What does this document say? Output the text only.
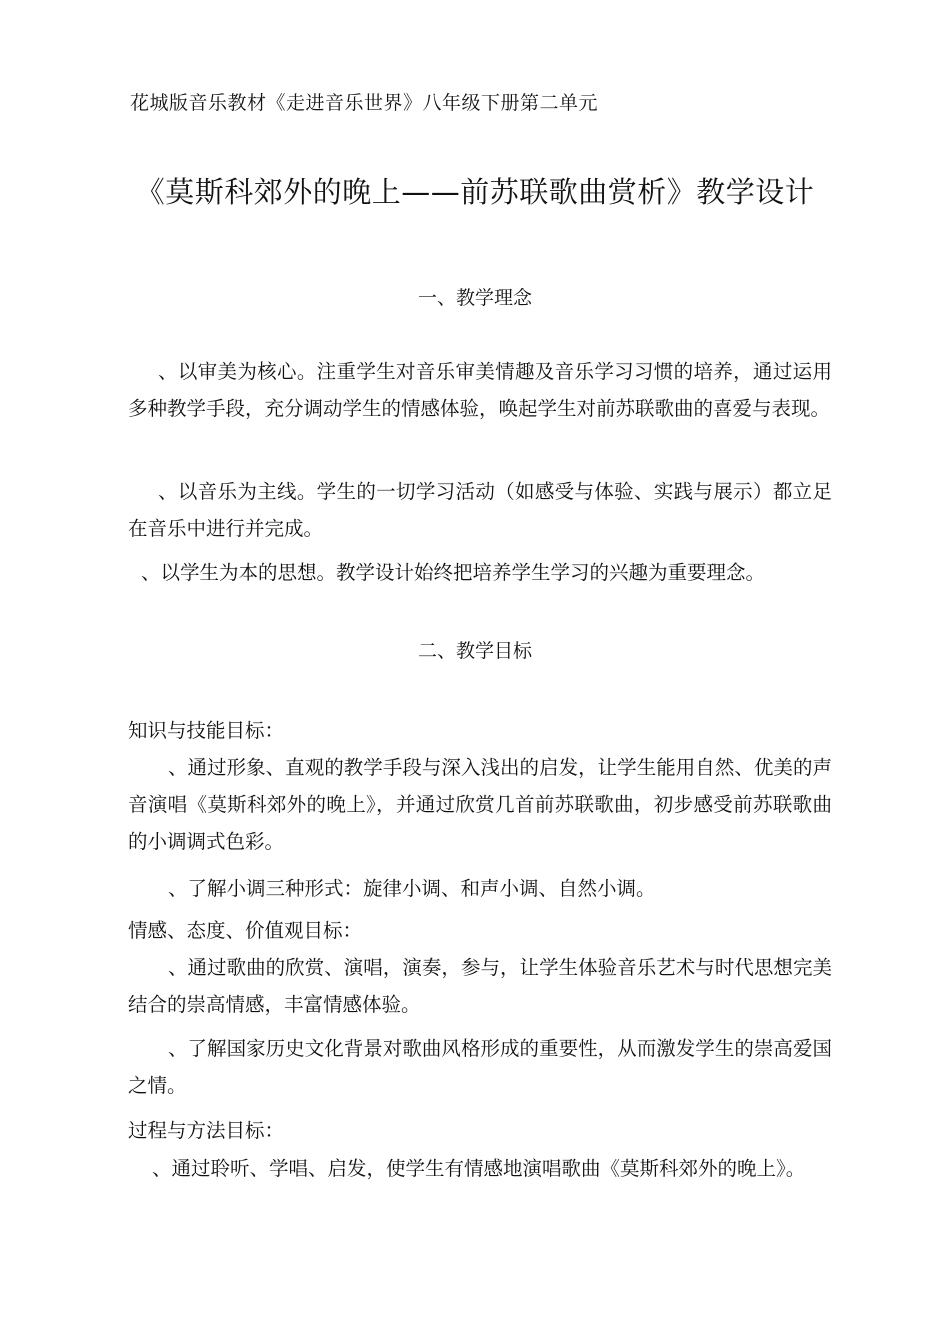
花城版音乐教材《走进音乐世界》八年级下册第二单元
《莫斯科郊外的晚上——前苏联歌曲赏析》教学设计
一、教学理念
、以审美为核心。注重学生对音乐审美情趣及音乐学习习惯的培养，通过运用多种教学手段，充分调动学生的情感体验，唤起学生对前苏联歌曲的喜爱与表现。
、以音乐为主线。学生的一切学习活动（如感受与体验、实践与展示）都立足在音乐中进行并完成。
、以学生为本的思想。教学设计始终把培养学生学习的兴趣为重要理念。
二、教学目标
知识与技能目标：
、通过形象、直观的教学手段与深入浅出的启发，让学生能用自然、优美的声音演唱《莫斯科郊外的晚上》，并通过欣赏几首前苏联歌曲，初步感受前苏联歌曲的小调调式色彩。
、了解小调三种形式：旋律小调、和声小调、自然小调。
情感、态度、价值观目标：
、通过歌曲的欣赏、演唱，演奏，参与，让学生体验音乐艺术与时代思想完美结合的崇高情感，丰富情感体验。
、了解国家历史文化背景对歌曲风格形成的重要性，从而激发学生的崇高爱国之情。
过程与方法目标：
、通过聆听、学唱、启发，使学生有情感地演唱歌曲《莫斯科郊外的晚上》。
